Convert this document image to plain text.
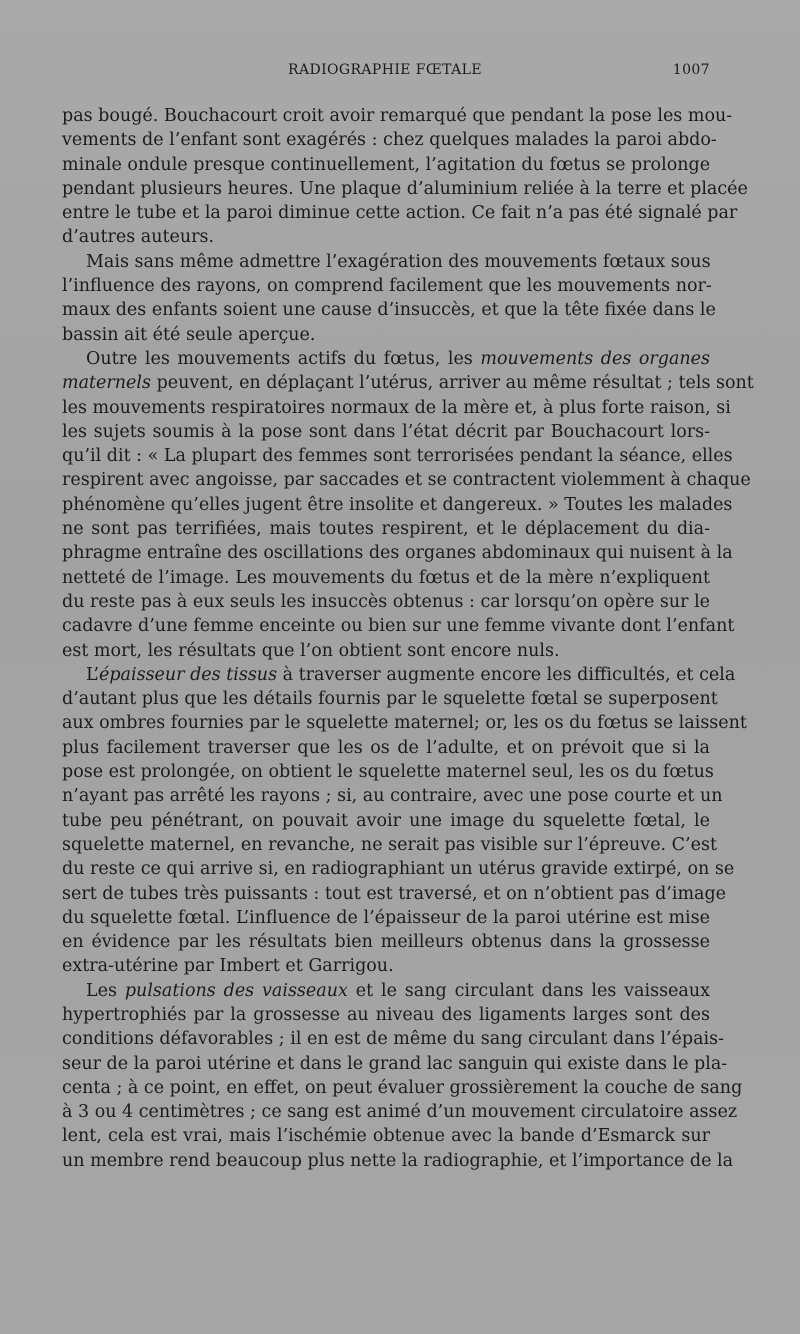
RADIOGRAPHIE FŒTALE	1007
pas bougé. Bouchacourt croit avoir remarqué que pendant la pose les mou-
vements de l’enfant sont exagérés : chez quelques malades la paroi abdo-
minale ondule presque continuellement, l’agitation du fœtus se prolonge
pendant plusieurs heures. Une plaque d’aluminium reliée à la terre et placée
entre le tube et la paroi diminue cette action. Ce fait n’a pas été signalé par
d’autres auteurs.
Mais sans même admettre l’exagération des mouvements fœtaux sous
l’influence des rayons, on comprend facilement que les mouvements nor-
maux des enfants soient une cause d’insuccès, et que la tête fixée dans le
bassin ait été seule aperçue.
Outre les mouvements actifs du fœtus, les mouvements des organes
maternels peuvent, en déplaçant l’utérus, arriver au même résultat ; tels sont
les mouvements respiratoires normaux de la mère et, à plus forte raison, si
les sujets soumis à la pose sont dans l’état décrit par Bouchacourt lors-
qu’il dit : « La plupart des femmes sont terrorisées pendant la séance, elles
respirent avec angoisse, par saccades et se contractent violemment à chaque
phénomène qu’elles jugent être insolite et dangereux. » Toutes les malades
ne sont pas terrifiées, mais toutes respirent, et le déplacement du dia-
phragme entraîne des oscillations des organes abdominaux qui nuisent à la
netteté de l’image. Les mouvements du fœtus et de la mère n’expliquent
du reste pas à eux seuls les insuccès obtenus : car lorsqu’on opère sur le
cadavre d’une femme enceinte ou bien sur une femme vivante dont l’enfant
est mort, les résultats que l’on obtient sont encore nuls.
L’épaisseur des tissus à traverser augmente encore les difficultés, et cela
d’autant plus que les détails fournis par le squelette fœtal se superposent
aux ombres fournies par le squelette maternel; or, les os du fœtus se laissent
plus facilement traverser que les os de l’adulte, et on prévoit que si la
pose est prolongée, on obtient le squelette maternel seul, les os du fœtus
n’ayant pas arrêté les rayons ; si, au contraire, avec une pose courte et un
tube peu pénétrant, on pouvait avoir une image du squelette fœtal, le
squelette maternel, en revanche, ne serait pas visible sur l’épreuve. C’est
du reste ce qui arrive si, en radiographiant un utérus gravide extirpé, on se
sert de tubes très puissants : tout est traversé, et on n’obtient pas d’image
du squelette fœtal. L’influence de l’épaisseur de la paroi utérine est mise
en évidence par les résultats bien meilleurs obtenus dans la grossesse
extra-utérine par Imbert et Garrigou.
Les pulsations des vaisseaux et le sang circulant dans les vaisseaux
hypertrophiés par la grossesse au niveau des ligaments larges sont des
conditions défavorables ; il en est de même du sang circulant dans l’épais-
seur de la paroi utérine et dans le grand lac sanguin qui existe dans le pla-
centa ; à ce point, en effet, on peut évaluer grossièrement la couche de sang
à 3 ou 4 centimètres ; ce sang est animé d’un mouvement circulatoire assez
lent, cela est vrai, mais l’ischémie obtenue avec la bande d’Esmarck sur
un membre rend beaucoup plus nette la radiographie, et l’importance de la
